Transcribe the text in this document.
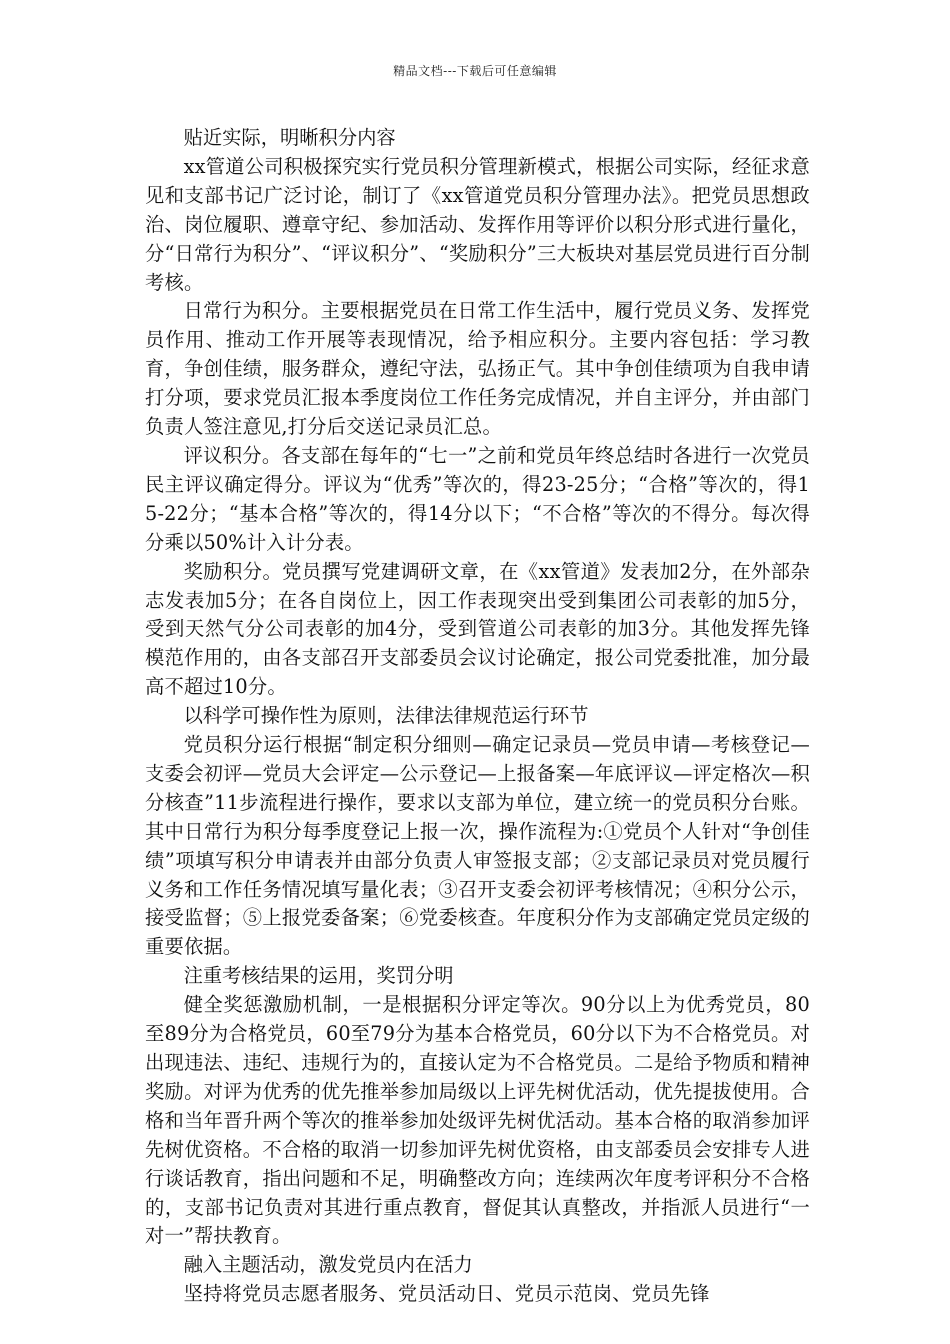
精品文档---下载后可任意编辑

贴近实际，明晰积分内容

xx管道公司积极探究实行党员积分管理新模式，根据公司实际，经征求意见和支部书记广泛讨论，制订了《xx管道党员积分管理办法》。把党员思想政治、岗位履职、遵章守纪、参加活动、发挥作用等评价以积分形式进行量化，分“日常行为积分”、“评议积分”、“奖励积分”三大板块对基层党员进行百分制考核。

日常行为积分。主要根据党员在日常工作生活中，履行党员义务、发挥党员作用、推动工作开展等表现情况，给予相应积分。主要内容包括：学习教育，争创佳绩，服务群众，遵纪守法，弘扬正气。其中争创佳绩项为自我申请打分项，要求党员汇报本季度岗位工作任务完成情况，并自主评分，并由部门负责人签注意见,打分后交送记录员汇总。

评议积分。各支部在每年的“七一”之前和党员年终总结时各进行一次党员民主评议确定得分。评议为“优秀”等次的，得23-25分；“合格”等次的，得15-22分；“基本合格”等次的，得14分以下；“不合格”等次的不得分。每次得分乘以50%计入计分表。

奖励积分。党员撰写党建调研文章，在《xx管道》发表加2分，在外部杂志发表加5分；在各自岗位上，因工作表现突出受到集团公司表彰的加5分，受到天然气分公司表彰的加4分，受到管道公司表彰的加3分。其他发挥先锋模范作用的，由各支部召开支部委员会议讨论确定，报公司党委批准，加分最高不超过10分。

以科学可操作性为原则，法律法律规范运行环节

党员积分运行根据“制定积分细则—确定记录员—党员申请—考核登记—支委会初评—党员大会评定—公示登记—上报备案—年底评议—评定格次—积分核查”11步流程进行操作，要求以支部为单位，建立统一的党员积分台账。其中日常行为积分每季度登记上报一次，操作流程为:①党员个人针对“争创佳绩”项填写积分申请表并由部分负责人审签报支部；②支部记录员对党员履行义务和工作任务情况填写量化表；③召开支委会初评考核情况；④积分公示，接受监督；⑤上报党委备案；⑥党委核查。年度积分作为支部确定党员定级的重要依据。

注重考核结果的运用，奖罚分明

健全奖惩激励机制，一是根据积分评定等次。90分以上为优秀党员，80至89分为合格党员，60至79分为基本合格党员，60分以下为不合格党员。对出现违法、违纪、违规行为的，直接认定为不合格党员。二是给予物质和精神奖励。对评为优秀的优先推举参加局级以上评先树优活动，优先提拔使用。合格和当年晋升两个等次的推举参加处级评先树优活动。基本合格的取消参加评先树优资格。不合格的取消一切参加评先树优资格，由支部委员会安排专人进行谈话教育，指出问题和不足，明确整改方向；连续两次年度考评积分不合格的，支部书记负责对其进行重点教育，督促其认真整改，并指派人员进行“一对一”帮扶教育。

融入主题活动，激发党员内在活力

坚持将党员志愿者服务、党员活动日、党员示范岗、党员先锋
